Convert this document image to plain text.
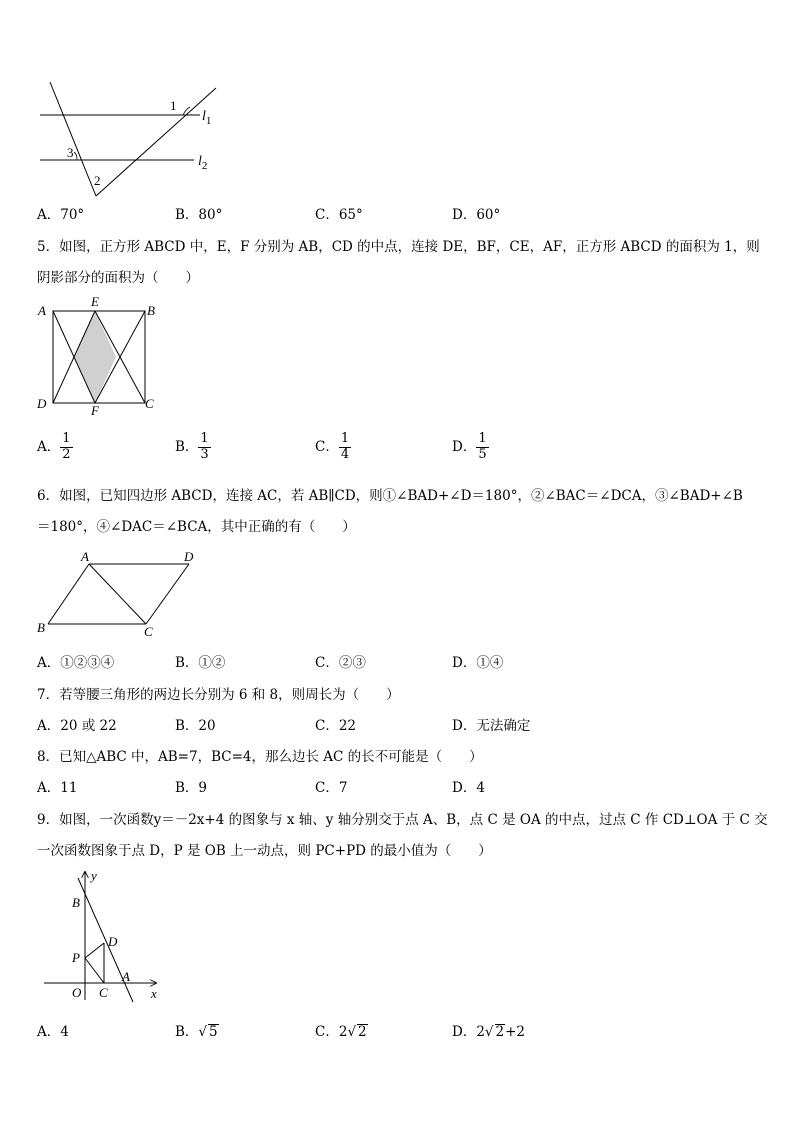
1
3
2
$l_1$
$l_2$
A．70°	B．80°	C．65°	D．60°
5．如图，正方形 ABCD 中，E，F 分别为 AB，CD 的中点，连接 DE，BF，CE，AF，正方形 ABCD 的面积为 1，则
阴影部分的面积为（　　）
A	B
C
D
E
F
A． $\frac{1}{2}$	B． $\frac{1}{3}$	C． $\frac{1}{4}$	D． $\frac{1}{5}$
6．如图，已知四边形 ABCD，连接 AC，若 AB∥CD，则①∠BAD+∠D＝180°，②∠BAC＝∠DCA，③∠BAD+∠B
＝180°，④∠DAC＝∠BCA，其中正确的有（　　）
A	D
B	C
A．①②③④	B．①②	C．②③	D．①④
7．若等腰三角形的两边长分别为 6 和 8，则周长为（　　）
A．20 或 22	B．20	C．22	D．无法确定
8．已知△ABC 中，AB=7，BC=4，那么边长 AC 的长不可能是（　　）
A．11	B．9	C．7	D．4
9．如图，一次函数y＝－2x+4 的图象与 x 轴、y 轴分别交于点 A、B，点 C 是 OA 的中点，过点 C 作 CD⊥OA 于 C 交
一次函数图象于点 D，P 是 OB 上一动点，则 PC+PD 的最小值为（　　）
y
x
B
D
P
A
O C
A．4	B．√ 5	C．2√ 2	D．2√ 2+2
